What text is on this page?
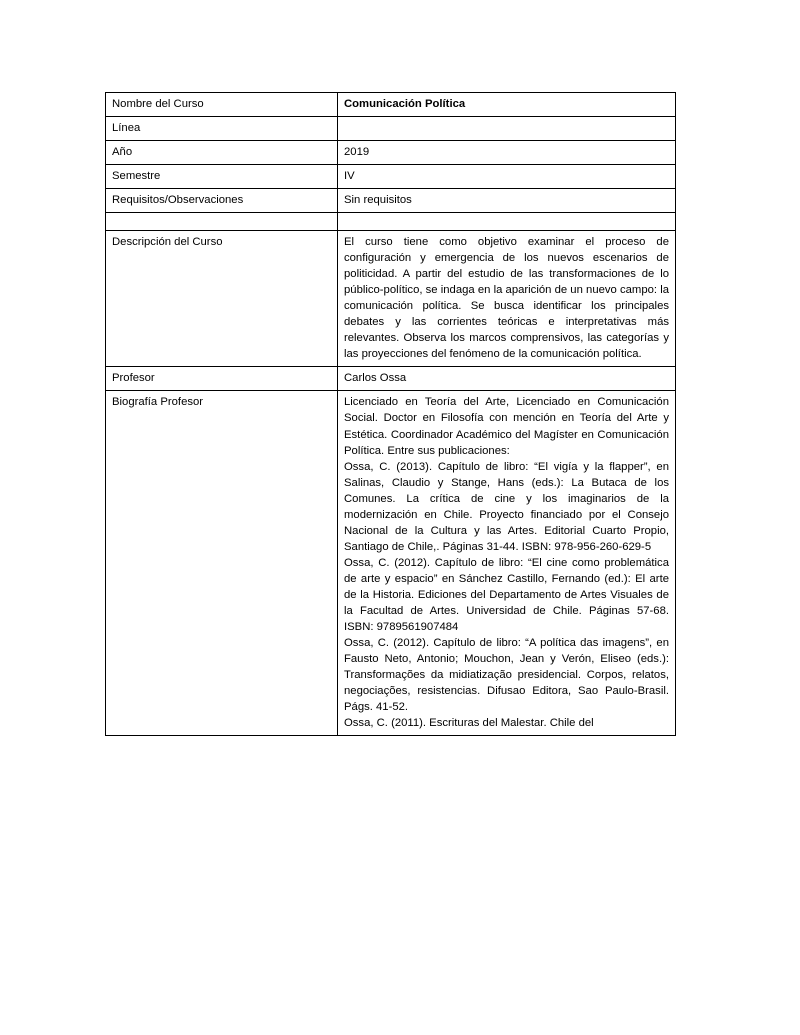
Nombre del Curso	Comunicación Política
Línea	
Año	2019
Semestre	IV
Requisitos/Observaciones	Sin requisitos

Descripción del Curso	El curso tiene como objetivo examinar el proceso de configuración y emergencia de los nuevos escenarios de politicidad. A partir del estudio de las transformaciones de lo público-político, se indaga en la aparición de un nuevo campo: la comunicación política. Se busca identificar los principales debates y las corrientes teóricas e interpretativas más relevantes. Observa los marcos comprensivos, las categorías y las proyecciones del fenómeno de la comunicación política.
Profesor	Carlos Ossa
Biografía Profesor	Licenciado en Teoría del Arte, Licenciado en Comunicación Social. Doctor en Filosofía con mención en Teoría del Arte y Estética. Coordinador Académico del Magíster en Comunicación Política. Entre sus publicaciones:

Ossa, C. (2013). Capítulo de libro: “El vigía y la flapper”, en Salinas, Claudio y Stange, Hans (eds.): La Butaca de los Comunes. La crítica de cine y los imaginarios de la modernización en Chile. Proyecto financiado por el Consejo Nacional de la Cultura y las Artes. Editorial Cuarto Propio, Santiago de Chile,. Páginas 31-44. ISBN: 978-956-260-629-5

Ossa, C. (2012). Capítulo de libro: “El cine como problemática de arte y espacio” en Sánchez Castillo, Fernando (ed.): El arte de la Historia. Ediciones del Departamento de Artes Visuales de la Facultad de Artes. Universidad de Chile. Páginas 57-68. ISBN: 9789561907484

Ossa, C. (2012). Capítulo de libro: “A política das imagens”, en Fausto Neto, Antonio; Mouchon, Jean y Verón, Eliseo (eds.): Transformações da midiatização presidencial. Corpos, relatos, negociações, resistencias. Difusao Editora, Sao Paulo-Brasil. Págs. 41-52.

Ossa, C. (2011). Escrituras del Malestar. Chile del
